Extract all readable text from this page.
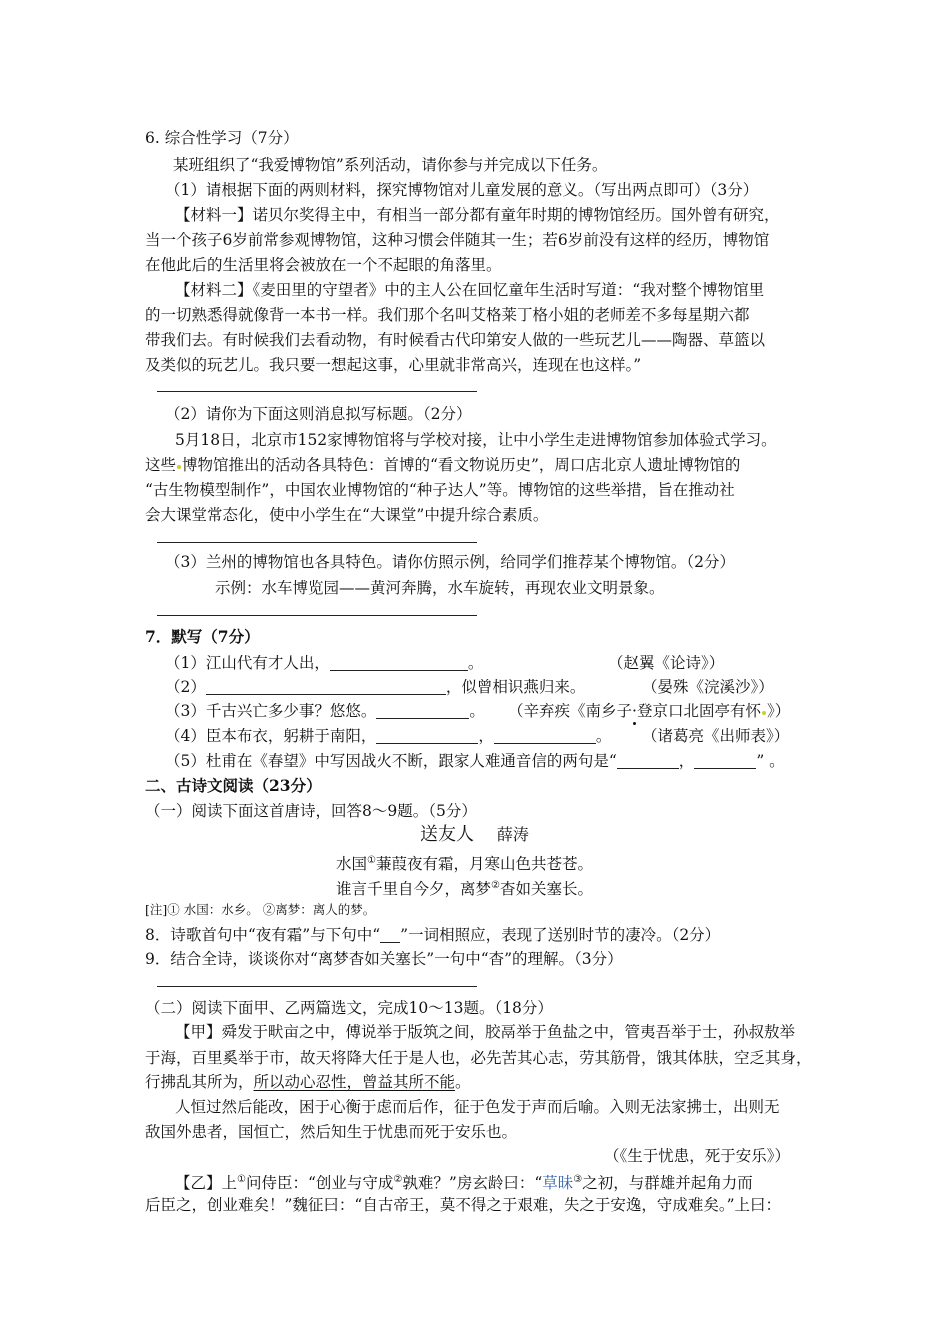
6. 综合性学习（7分）
某班组织了“我爱博物馆”系列活动，请你参与并完成以下任务。
（1）请根据下面的两则材料，探究博物馆对儿童发展的意义。（写出两点即可）（3分）
【材料一】诺贝尔奖得主中，有相当一部分都有童年时期的博物馆经历。国外曾有研究，
当一个孩子6岁前常参观博物馆，这种习惯会伴随其一生；若6岁前没有这样的经历，博物馆
在他此后的生活里将会被放在一个不起眼的角落里。
【材料二】《麦田里的守望者》中的主人公在回忆童年生活时写道：“我对整个博物馆里
的一切熟悉得就像背一本书一样。我们那个名叫艾格莱丁格小姐的老师差不多每星期六都
带我们去。有时候我们去看动物，有时候看古代印第安人做的一些玩艺儿——陶器、草篮以
及类似的玩艺儿。我只要一想起这事，心里就非常高兴，连现在也这样。”
（2）请你为下面这则消息拟写标题。（2分）
5月18日，北京市152家博物馆将与学校对接，让中小学生走进博物馆参加体验式学习。
这些 博物馆推出的活动各具特色：首博的“看文物说历史”，周口店北京人遗址博物馆的
“古生物模型制作”，中国农业博物馆的“种子达人”等。博物馆的这些举措，旨在推动社
会大课堂常态化，使中小学生在“大课堂”中提升综合素质。
（3）兰州的博物馆也各具特色。请你仿照示例，给同学们推荐某个博物馆。（2分）
示例：水车博览园——黄河奔腾，水车旋转，再现农业文明景象。
7．默写（7分）
（1）江山代有才人出，	。	（赵翼《论诗》）
（2）	，似曾相识燕归来。	（晏殊《浣溪沙》）
（3）千古兴亡多少事？悠悠。	。 （辛弃疾《南乡子·登京口北固亭有怀 》）
（4）臣本布衣，躬耕于南阳，	，	。 （诸葛亮《出师表》）
（5）杜甫在《春望》中写因战火不断，跟家人难通音信的两句是“	，	” 。
二、古诗文阅读（23分）
（一）阅读下面这首唐诗，回答8～9题。（5分）
送友人 薛涛
水国①蒹葭夜有霜，月寒山色共苍苍。
谁言千里自今夕，离梦②杳如关塞长。
[注]① 水国：水乡。 ②离梦：离人的梦。
8．诗歌首句中“夜有霜”与下句中“ ”一词相照应，表现了送别时节的凄冷。（2分）
9．结合全诗，谈谈你对“离梦杳如关塞长”一句中“杳”的理解。（3分）
（二）阅读下面甲、乙两篇选文，完成10～13题。（18分）
【甲】舜发于畎亩之中，傅说举于版筑之间，胶鬲举于鱼盐之中，管夷吾举于士，孙叔敖举
于海，百里奚举于市，故天将降大任于是人也，必先苦其心志，劳其筋骨，饿其体肤，空乏其身，
行拂乱其所为，所以动心忍性，曾益其所不能。
人恒过然后能改，困于心衡于虑而后作，征于色发于声而后喻。入则无法家拂士，出则无
敌国外患者，国恒亡，然后知生于忧患而死于安乐也。
（《生于忧患，死于安乐》）
【乙】上①问侍臣：“创业与守成②孰难？”房玄龄曰：“草昧③之初，与群雄并起角力而
后臣之，创业难矣！”魏征曰：“自古帝王，莫不得之于艰难，失之于安逸，守成难矣。”上曰：
